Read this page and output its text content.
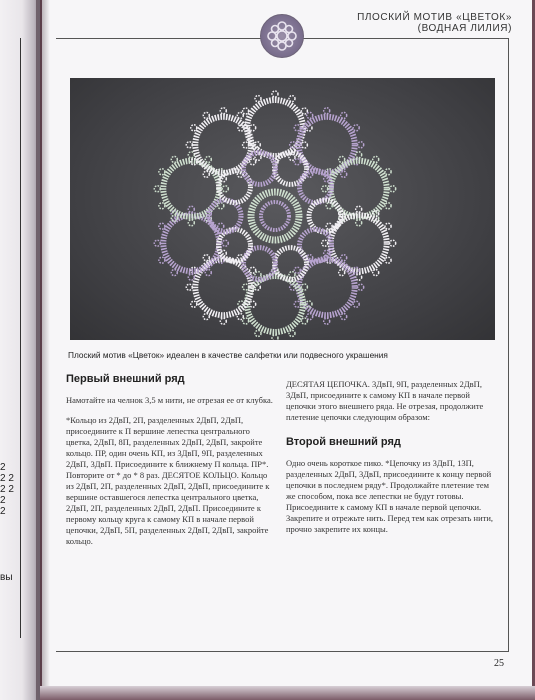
2
2 2
2 2
2
2
вы
ПЛОСКИЙ МОТИВ «ЦВЕТОК»
(ВОДНАЯ ЛИЛИЯ)
Плоский мотив «Цветок» идеален в качестве салфетки или подвесного украшения
Первый внешний ряд

Намотайте на челнок 3,5 м нити, не отрезая ее от клубка.

*Кольцо из 2ДвП, 2П, разделенных 2ДвП, 2ДвП, присоедините к П вершине лепестка центрального цветка, 2ДвП, 8П, разделенных 2ДвП, 2ДвП, закройте кольцо. ПР, один очень КП, из 3ДвП, 9П, разделенных 2ДвП, 3ДвП. Присоедините к ближнему П кольца. ПР*. Повторите от * до * 8 раз. ДЕСЯТОЕ КОЛЬЦО. Кольцо из 2ДвП, 2П, разделенных 2ДвП, 2ДвП, присоедините к вершине оставшегося лепестка центрального цветка, 2ДвП, 2П, разделенных 2ДвП, 2ДвП. Присоедините к первому кольцу круга к самому КП в начале первой цепочки, 2ДвП, 5П, разделенных 2ДвП, 2ДвП, закройте кольцо.

ДЕСЯТАЯ ЦЕПОЧКА. 3ДвП, 9П, разделенных 2ДвП, 3ДвП, присоедините к самому КП в начале первой цепочки этого внешнего ряда. Не отрезая, продолжите плетение цепочки следующим образом:

Второй внешний ряд

Одно очень короткое пико. *Цепочку из 3ДвП, 13П, разделенных 2ДвП, 3ДвП, присоедините к концу первой цепочки в последнем ряду*. Продолжайте плетение тем же способом, пока все лепестки не будут готовы. Присоедините к самому КП в начале первой цепочки. Закрепите и отрежьте нить. Перед тем как отрезать нити, прочно закрепите их концы.

25
